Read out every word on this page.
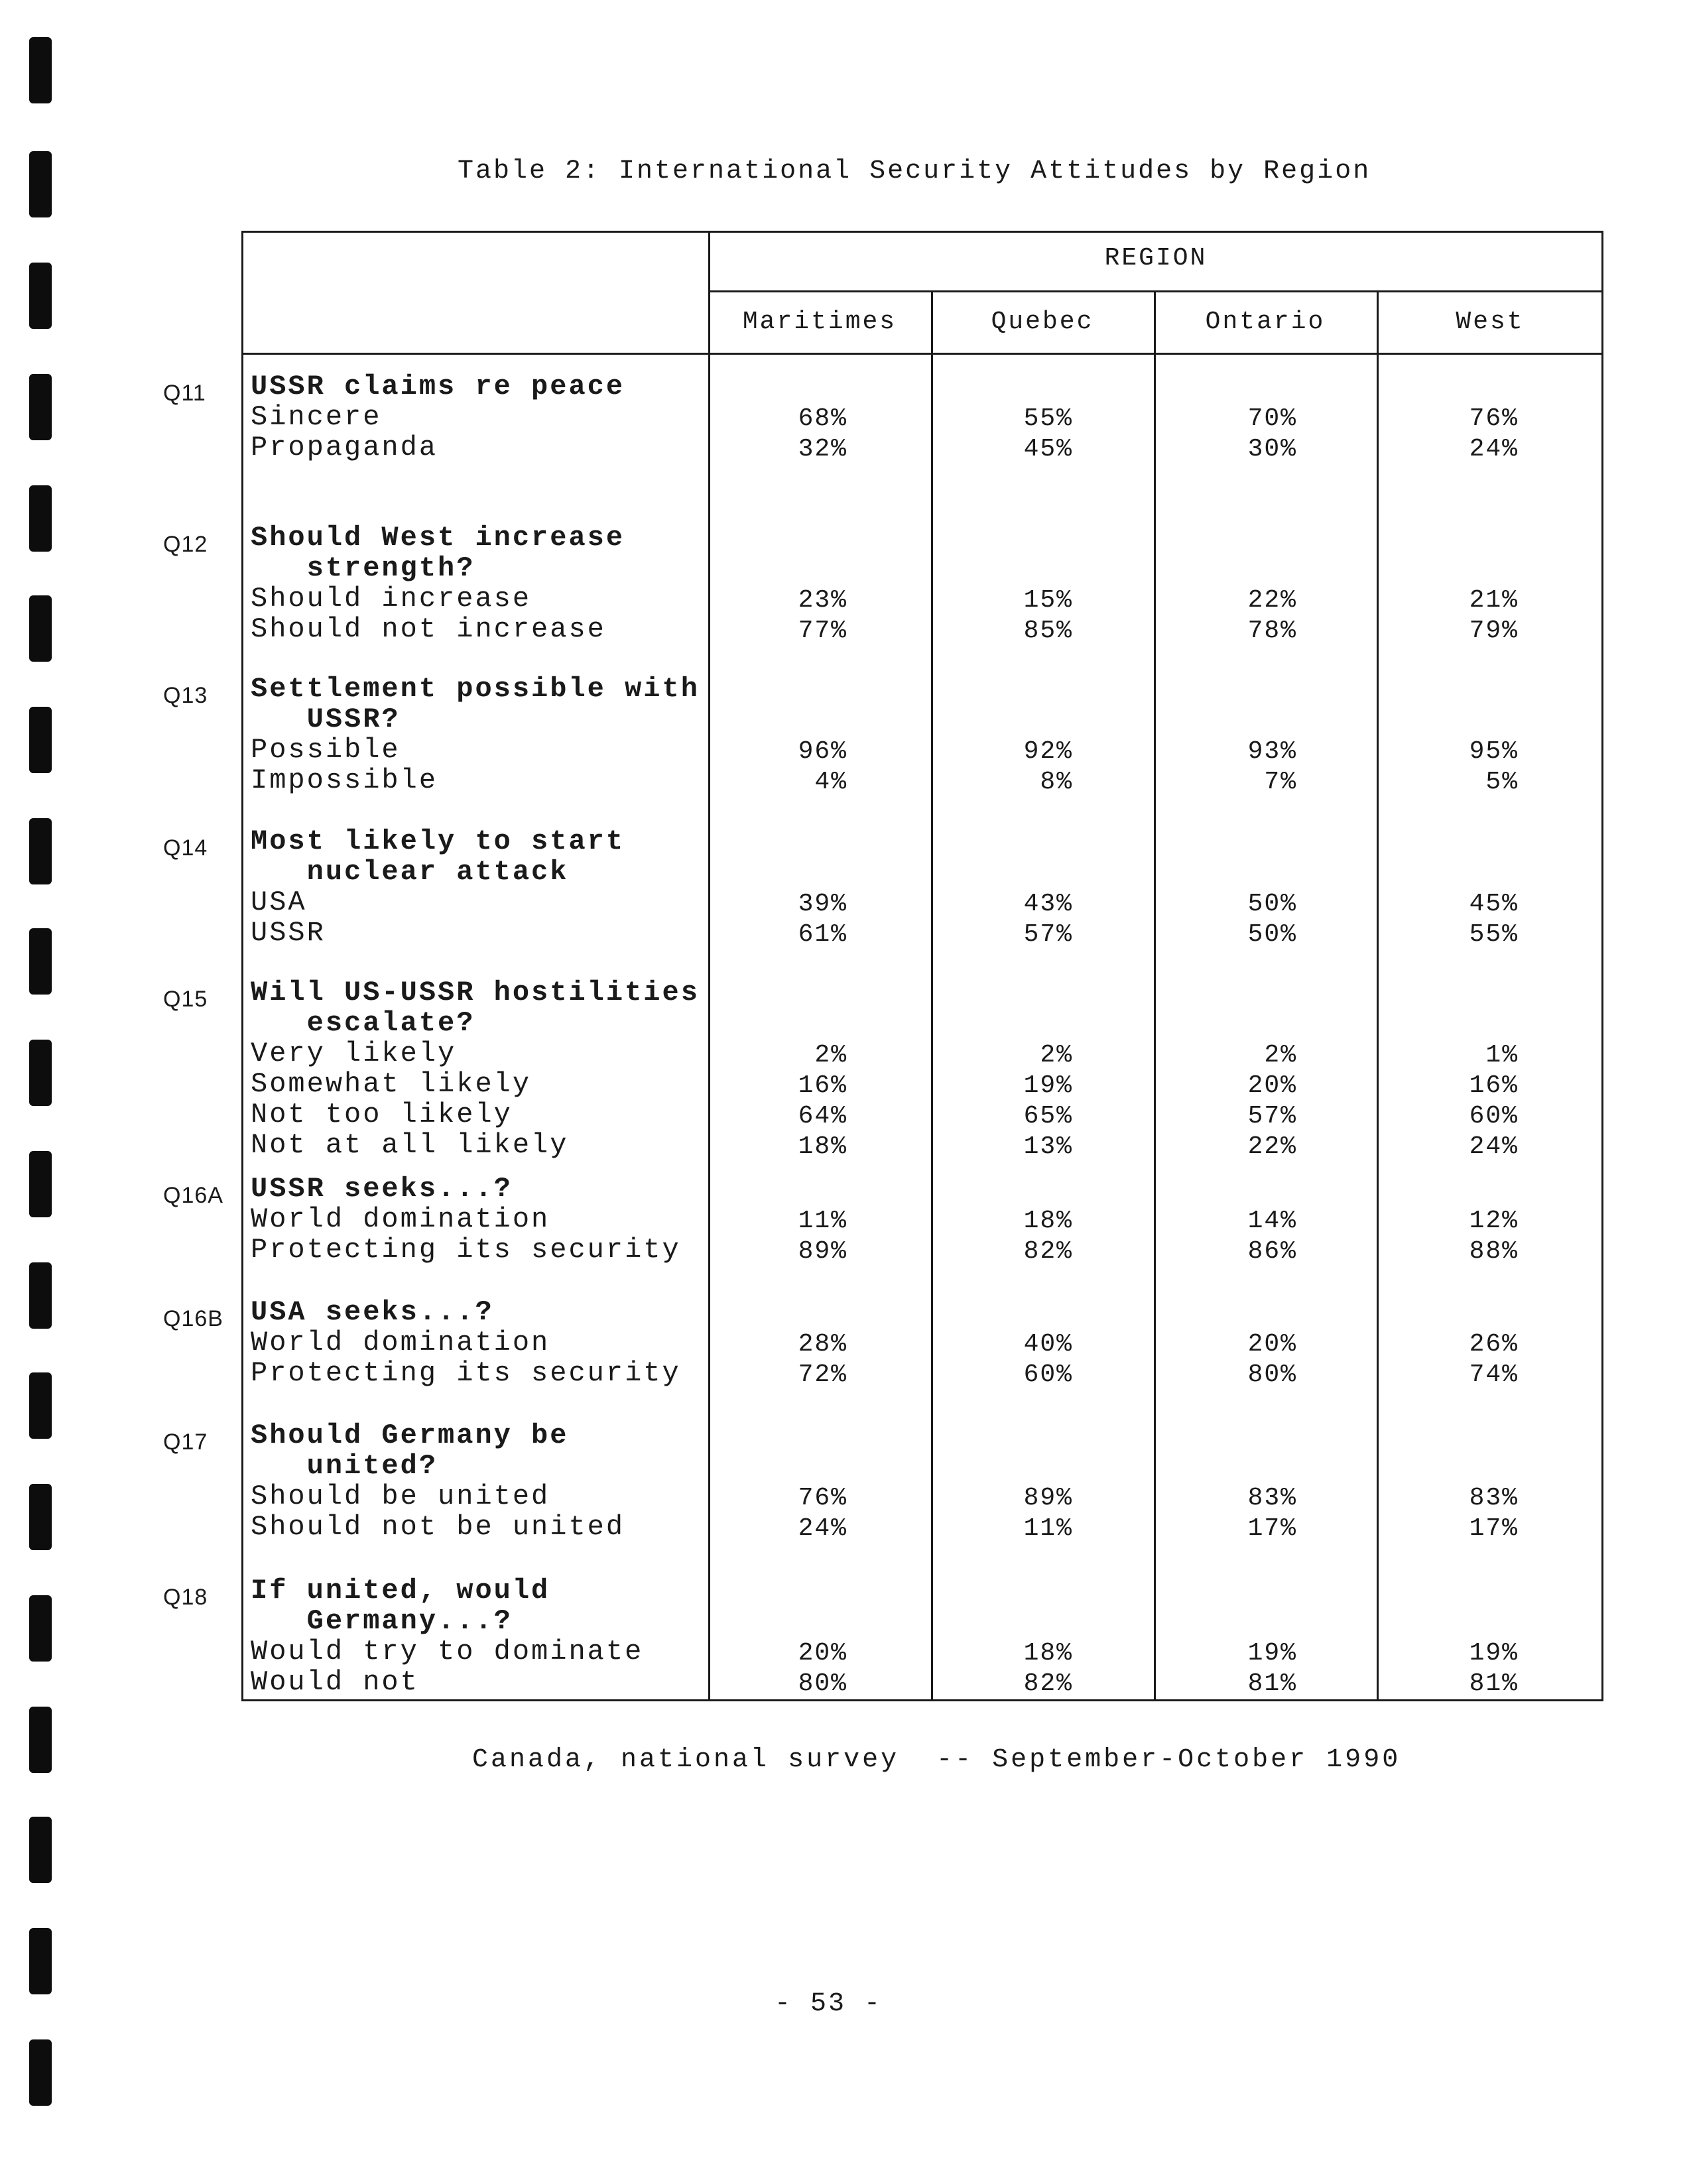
Table 2: International Security Attitudes by Region
REGION
Maritimes	Quebec	Ontario	West
Q11 USSR claims re peace
Sincere	68%	55%	70%	76%
Propaganda	32%	45%	30%	24%
Q12 Should West increase
strength?
Should increase	23%	15%	22%	21%
Should not increase	77%	85%	78%	79%
Q13 Settlement possible with
USSR?
Possible	96%	92%	93%	95%
Impossible	4%	8%	7%	5%
Q14 Most likely to start
nuclear attack
USA	39%	43%	50%	45%
USSR	61%	57%	50%	55%
Q15 Will US-USSR hostilities
escalate?
Very likely	2%	2%	2%	1%
Somewhat likely	16%	19%	20%	16%
Not too likely	64%	65%	57%	60%
Not at all likely	18%	13%	22%	24%
Q16A USSR seeks...?
World domination	11%	18%	14%	12%
Protecting its security	89%	82%	86%	88%
Q16B USA seeks...?
World domination	28%	40%	20%	26%
Protecting its security	72%	60%	80%	74%
Q17 Should Germany be
united?
Should be united	76%	89%	83%	83%
Should not be united	24%	11%	17%	17%
Q18 If united, would
Germany...?
Would try to dominate	20%	18%	19%	19%
Would not	80%	82%	81%	81%
Canada, national survey  -- September-October 1990
- 53 -
